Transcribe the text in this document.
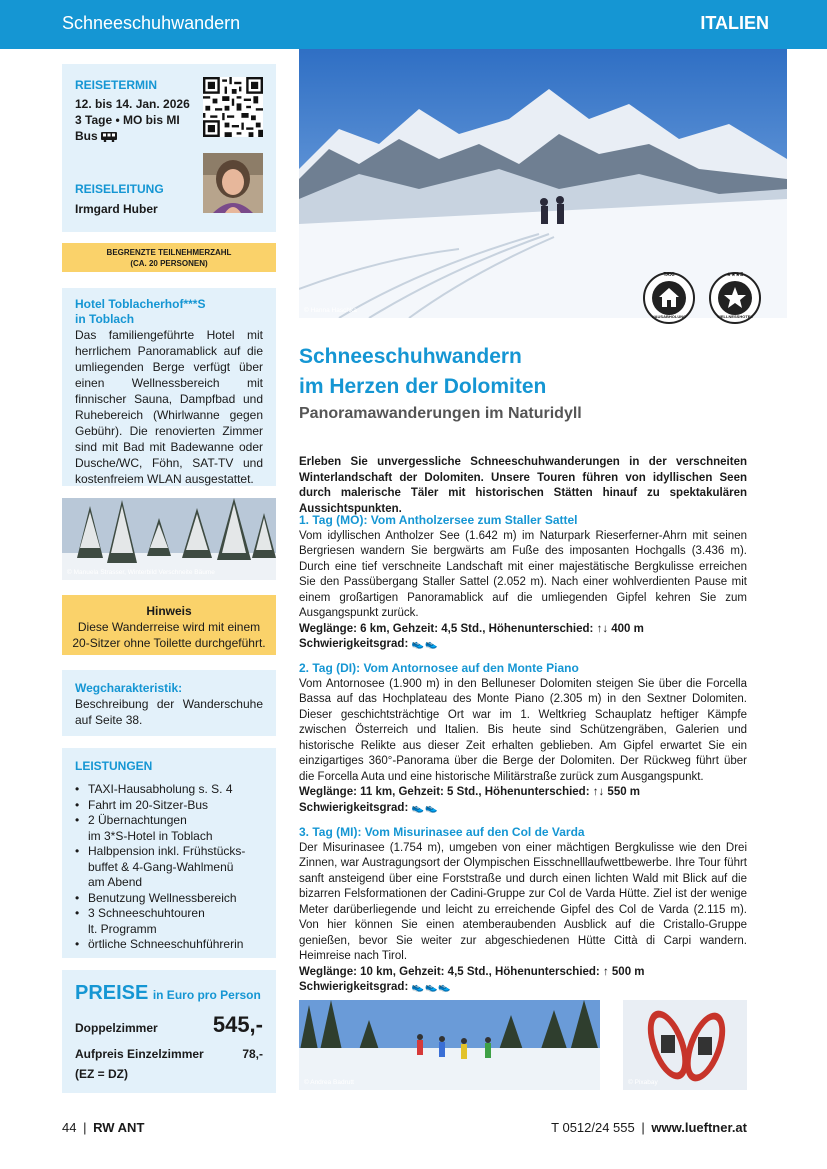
Schneeschuhwandern	ITALIEN
REISETERMIN
12. bis 14. Jan. 2026
3 Tage • MO bis MI
Bus
REISELEITUNG
Irmgard Huber
BEGRENZTE TEILNEHMERZAHL
(CA. 20 PERSONEN)
Hotel Toblacherhof***S
in Toblach
Das familiengeführte Hotel mit herrlichem Panoramablick auf die umliegenden Berge verfügt über einen Wellnessbereich mit finnischer Sauna, Dampfbad und Ruhebereich (Whirlwanne gegen Gebühr). Die renovierten Zimmer sind mit Bad mit Badewanne oder Dusche/WC, Föhn, SAT-TV und kostenfreiem WLAN ausgestattet.
© Manuela Strasser, Winterbild Verschneite Bäume
Hinweis
Diese Wanderreise wird mit einem
20-Sitzer ohne Toilette durchgeführt.
Wegcharakteristik:
Beschreibung der Wanderschuhe auf Seite 38.
LEISTUNGEN
• TAXI-Hausabholung s. S. 4
• Fahrt im 20-Sitzer-Bus
• 2 Übernachtungen
im 3*S-Hotel in Toblach
• Halbpension inkl. Frühstücks-
buffet & 4-Gang-Wahlmenü
am Abend
• Benutzung Wellnessbereich
• 3 Schneeschuhtouren
lt. Programm
• örtliche Schneeschuhführerin
PREISE in Euro pro Person
Doppelzimmer	545,-
Aufpreis Einzelzimmer	78,-
(EZ = DZ)
© Hanna Haschka
TAXI
HAUSABHOLUNG
★★★S
WELLNESSHOTEL
Schneeschuhwandern
im Herzen der Dolomiten
Panoramawanderungen im Naturidyll
Erleben Sie unvergessliche Schneeschuhwanderungen in der verschneiten Winterlandschaft der Dolomiten. Unsere Touren führen von idyllischen Seen durch malerische Täler mit historischen Stätten hinauf zu spektakulären Aussichtspunkten.

1. Tag (MO): Vom Antholzersee zum Staller Sattel

Vom idyllischen Antholzer See (1.642 m) im Naturpark Rieserferner-Ahrn mit seinen Bergriesen wandern Sie bergwärts am Fuße des imposanten Hochgalls (3.436 m). Durch eine tief verschneite Landschaft mit einer majestätische Bergkulisse erreichen Sie den Passübergang Staller Sattel (2.052 m). Nach einer wohlverdienten Pause mit einem großartigen Panoramablick auf die umliegenden Gipfel kehren Sie zum Ausgangspunkt zurück.

Weglänge: 6 km, Gehzeit: 4,5 Std., Höhenunterschied: ↑↓ 400 m

Schwierigkeitsgrad: 👟👟

2. Tag (DI): Vom Antornosee auf den Monte Piano

Vom Antornosee (1.900 m) in den Belluneser Dolomiten steigen Sie über die Forcella Bassa auf das Hochplateau des Monte Piano (2.305 m) in den Sextner Dolomiten. Dieser geschichtsträchtige Ort war im 1. Weltkrieg Schauplatz heftiger Kämpfe zwischen Österreich und Italien. Bis heute sind Schützengräben, Galerien und historische Relikte aus dieser Zeit erhalten geblieben. Am Gipfel erwartet Sie ein einzigartiges 360°-Panorama über die Berge der Dolomiten. Der Rückweg führt über die Forcella Auta und eine historische Militärstraße zurück zum Ausgangspunkt.

Weglänge: 11 km, Gehzeit: 5 Std., Höhenunterschied: ↑↓ 550 m

Schwierigkeitsgrad: 👟👟

3. Tag (MI): Vom Misurinasee auf den Col de Varda

Der Misurinasee (1.754 m), umgeben von einer mächtigen Bergkulisse wie den Drei Zinnen, war Austragungsort der Olympischen Eisschnelllaufwettbewerbe. Ihre Tour führt sanft ansteigend über eine Forststraße und durch einen lichten Wald mit Blick auf die bizarren Felsformationen der Cadini-Gruppe zur Col de Varda Hütte. Ziel ist der wenige Meter darüberliegende und leicht zu erreichende Gipfel des Col de Varda (2.115 m). Von hier können Sie einen atemberaubenden Ausblick auf die Cristallo-Gruppe genießen, bevor Sie weiter zur abgeschiedenen Hütte Città di Carpi wandern. Heimreise nach Tirol.

Weglänge: 10 km, Gehzeit: 4,5 Std., Höhenunterschied: ↑ 500 m

Schwierigkeitsgrad: 👟👟👟

© Andrea Badrutt	© Pixabay
44 | RW ANT	T 0512/24 555 | www.lueftner.at
